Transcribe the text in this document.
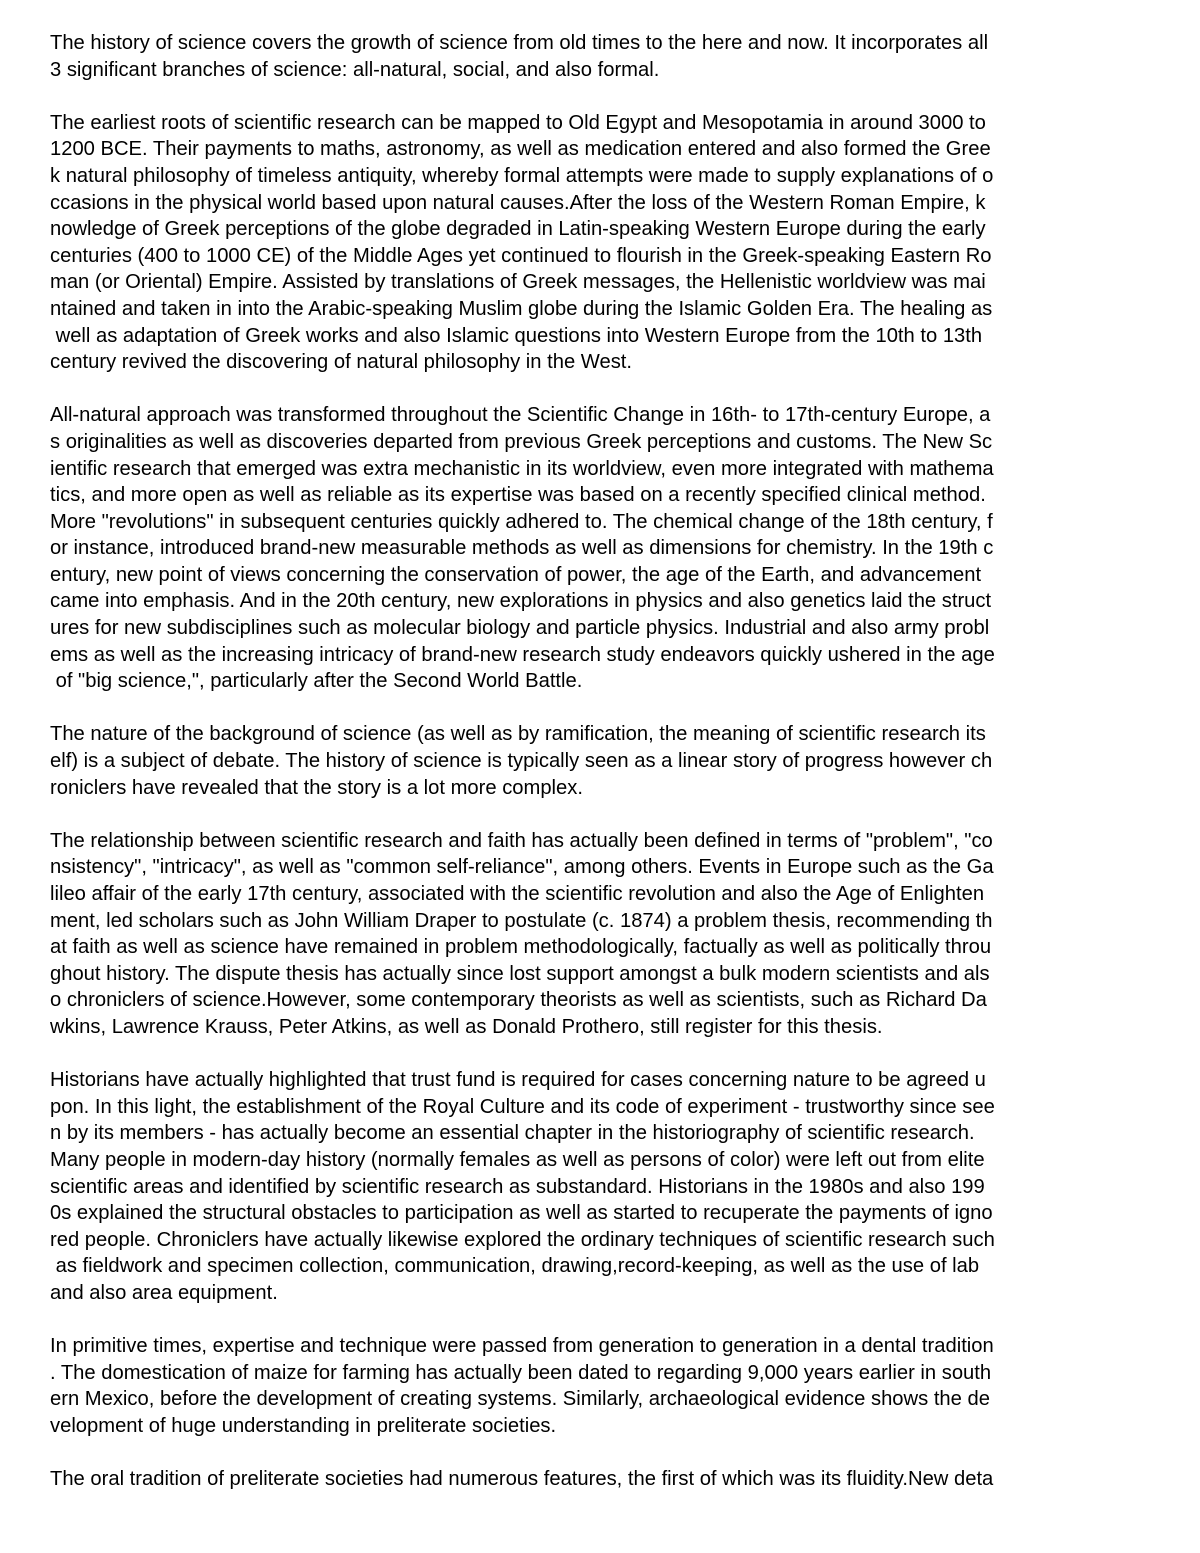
The history of science covers the growth of science from old times to the here and now. It incorporates all
3 significant branches of science: all-natural, social, and also formal.

The earliest roots of scientific research can be mapped to Old Egypt and Mesopotamia in around 3000 to
1200 BCE. Their payments to maths, astronomy, as well as medication entered and also formed the Gree
k natural philosophy of timeless antiquity, whereby formal attempts were made to supply explanations of o
ccasions in the physical world based upon natural causes.After the loss of the Western Roman Empire, k
nowledge of Greek perceptions of the globe degraded in Latin-speaking Western Europe during the early
centuries (400 to 1000 CE) of the Middle Ages yet continued to flourish in the Greek-speaking Eastern Ro
man (or Oriental) Empire. Assisted by translations of Greek messages, the Hellenistic worldview was mai
ntained and taken in into the Arabic-speaking Muslim globe during the Islamic Golden Era. The healing as
well as adaptation of Greek works and also Islamic questions into Western Europe from the 10th to 13th
century revived the discovering of natural philosophy in the West.

All-natural approach was transformed throughout the Scientific Change in 16th- to 17th-century Europe, a
s originalities as well as discoveries departed from previous Greek perceptions and customs. The New Sc
ientific research that emerged was extra mechanistic in its worldview, even more integrated with mathema
tics, and more open as well as reliable as its expertise was based on a recently specified clinical method.
More "revolutions" in subsequent centuries quickly adhered to. The chemical change of the 18th century, f
or instance, introduced brand-new measurable methods as well as dimensions for chemistry. In the 19th c
entury, new point of views concerning the conservation of power, the age of the Earth, and advancement
came into emphasis. And in the 20th century, new explorations in physics and also genetics laid the struct
ures for new subdisciplines such as molecular biology and particle physics. Industrial and also army probl
ems as well as the increasing intricacy of brand-new research study endeavors quickly ushered in the age
of "big science,", particularly after the Second World Battle.

The nature of the background of science (as well as by ramification, the meaning of scientific research its
elf) is a subject of debate. The history of science is typically seen as a linear story of progress however ch
roniclers have revealed that the story is a lot more complex.

The relationship between scientific research and faith has actually been defined in terms of "problem", "co
nsistency", "intricacy", as well as "common self-reliance", among others. Events in Europe such as the Ga
lileo affair of the early 17th century, associated with the scientific revolution and also the Age of Enlighten
ment, led scholars such as John William Draper to postulate (c. 1874) a problem thesis, recommending th
at faith as well as science have remained in problem methodologically, factually as well as politically throu
ghout history. The dispute thesis has actually since lost support amongst a bulk modern scientists and als
o chroniclers of science.However, some contemporary theorists as well as scientists, such as Richard Da
wkins, Lawrence Krauss, Peter Atkins, as well as Donald Prothero, still register for this thesis.

Historians have actually highlighted that trust fund is required for cases concerning nature to be agreed u
pon. In this light, the establishment of the Royal Culture and its code of experiment - trustworthy since see
n by its members - has actually become an essential chapter in the historiography of scientific research.
Many people in modern-day history (normally females as well as persons of color) were left out from elite
scientific areas and identified by scientific research as substandard. Historians in the 1980s and also 199
0s explained the structural obstacles to participation as well as started to recuperate the payments of igno
red people. Chroniclers have actually likewise explored the ordinary techniques of scientific research such
as fieldwork and specimen collection, communication, drawing,record-keeping, as well as the use of lab
and also area equipment.

In primitive times, expertise and technique were passed from generation to generation in a dental tradition
. The domestication of maize for farming has actually been dated to regarding 9,000 years earlier in south
ern Mexico, before the development of creating systems. Similarly, archaeological evidence shows the de
velopment of huge understanding in preliterate societies.

The oral tradition of preliterate societies had numerous features, the first of which was its fluidity.New deta
